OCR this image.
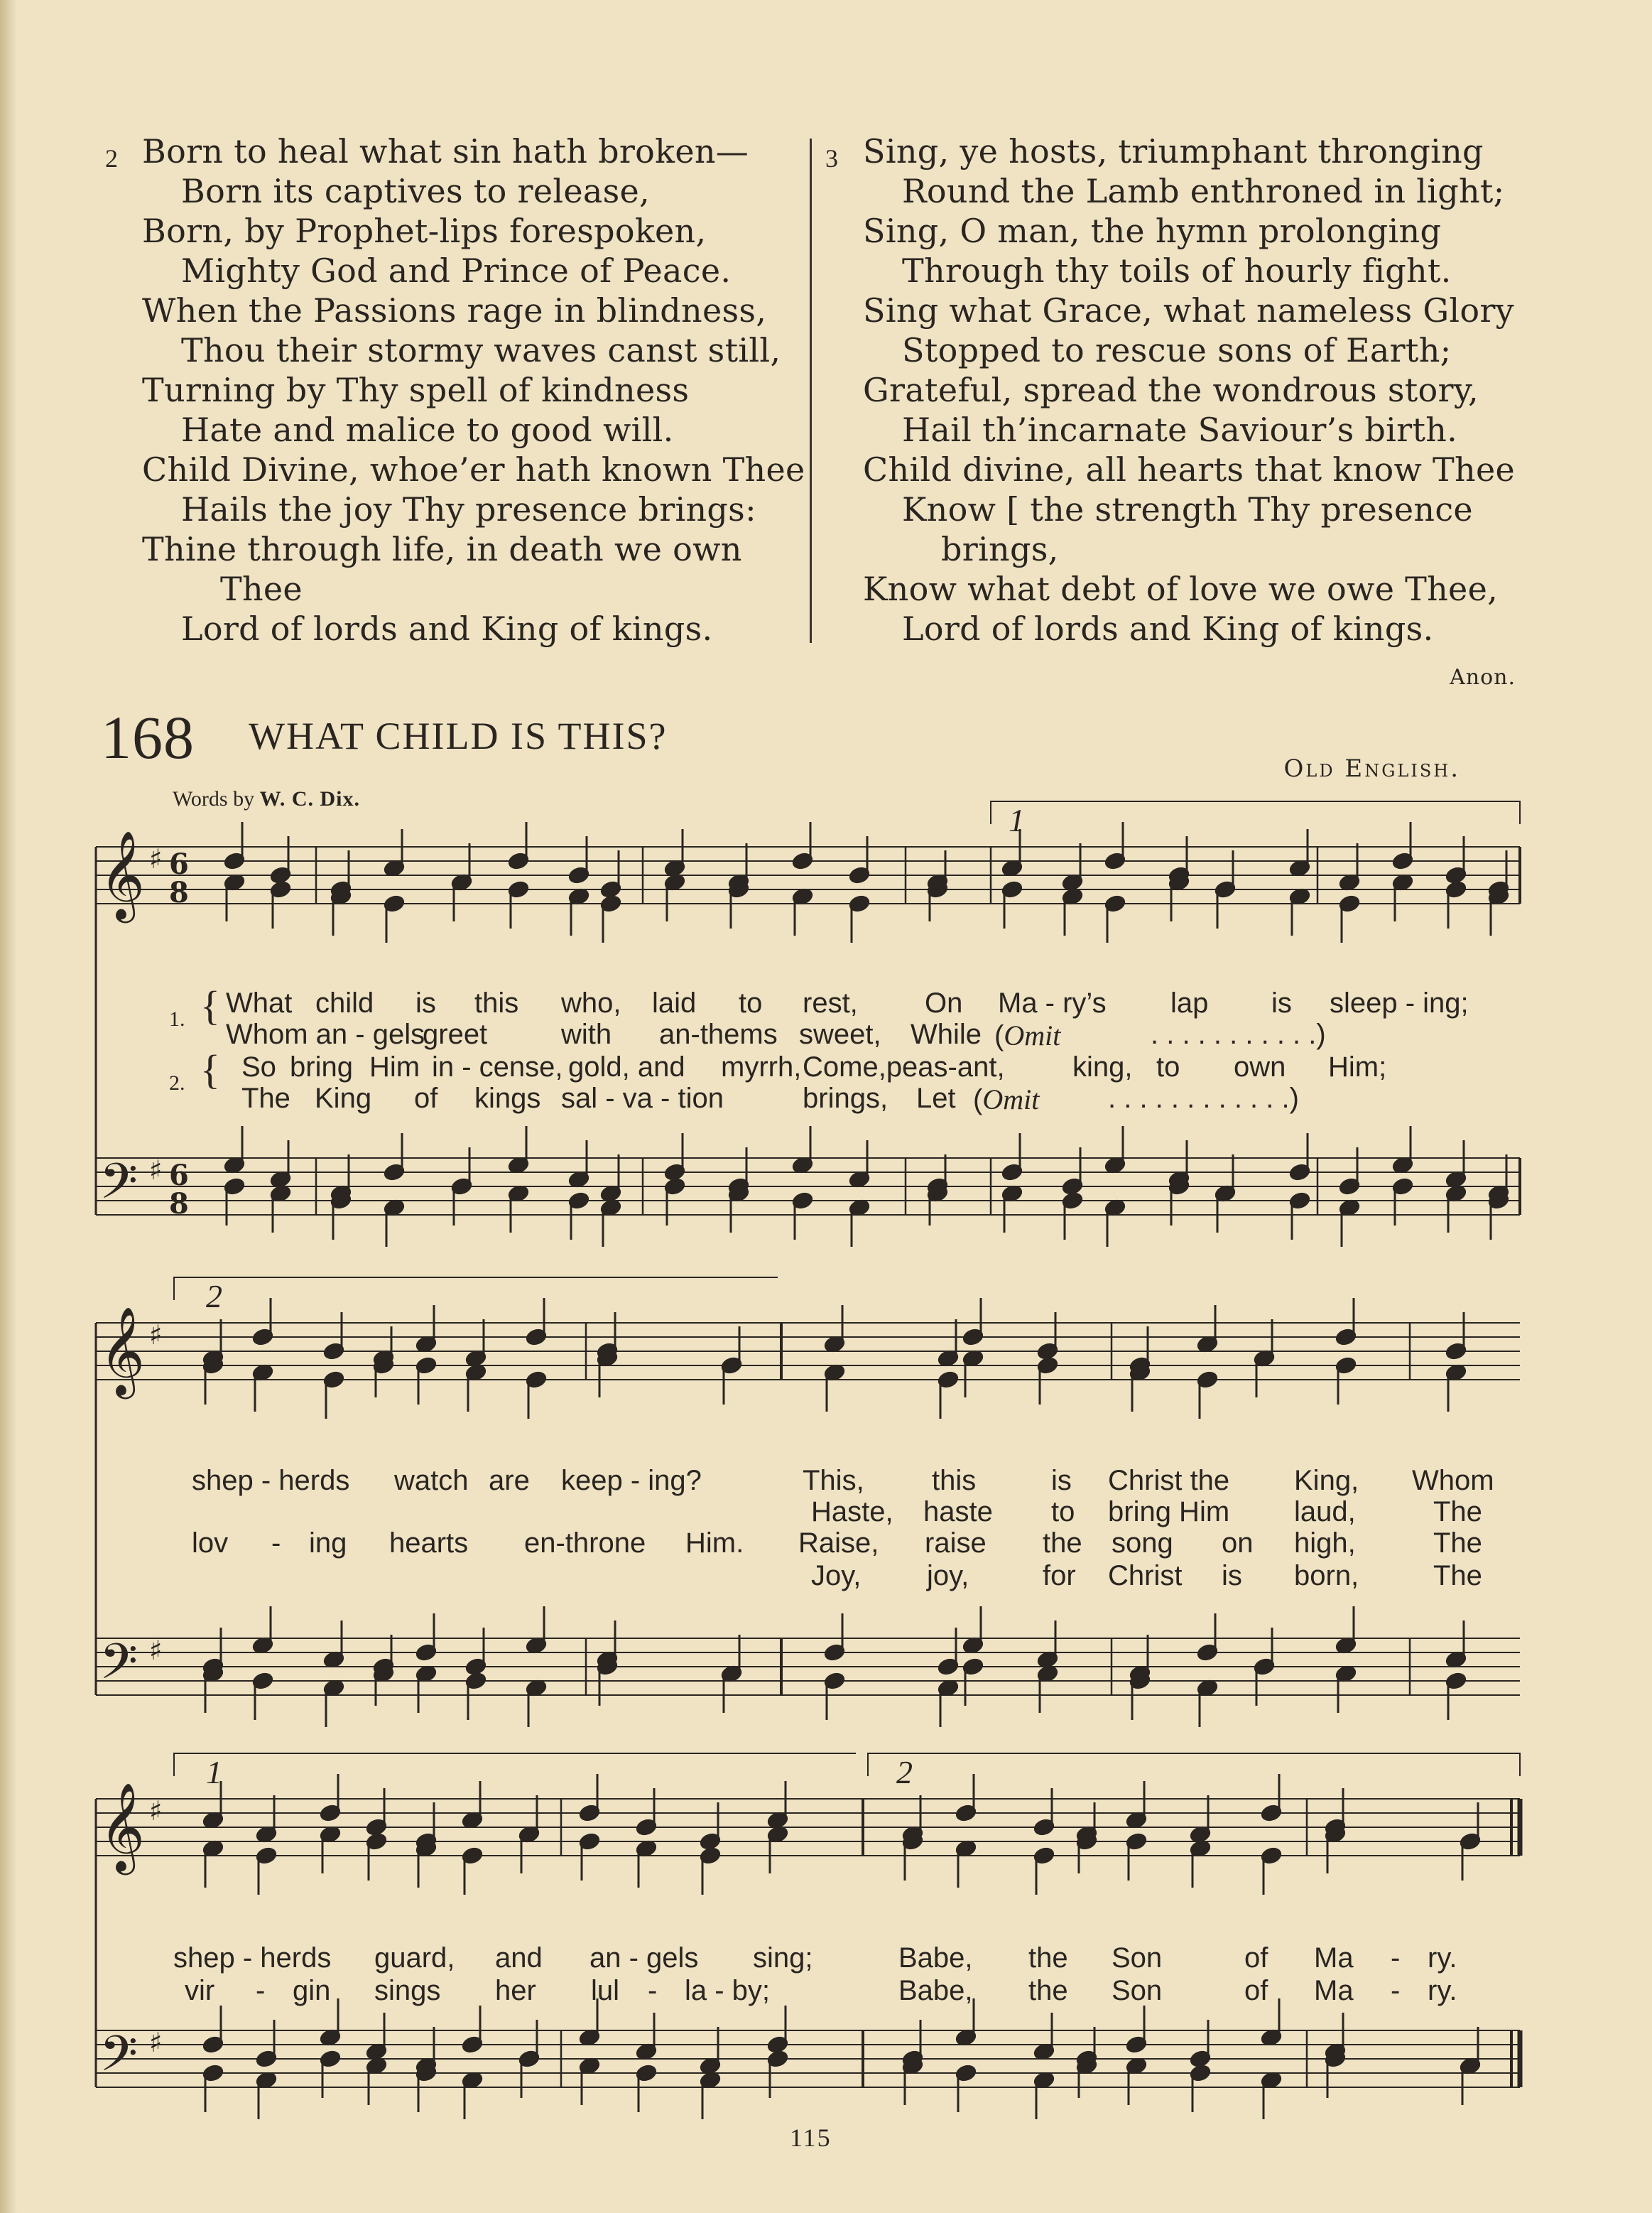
2 Born to heal what sin hath broken—
Born its captives to release,
Born, by Prophet-lips forespoken,
Mighty God and Prince of Peace.
When the Passions rage in blindness,
Thou their stormy waves canst still,
Turning by Thy spell of kindness
Hate and malice to good will.
Child Divine, whoe’er hath known Thee
Hails the joy Thy presence brings:
Thine through life, in death we own
Thee
Lord of lords and King of kings.
3 Sing, ye hosts, triumphant thronging
Round the Lamb enthroned in light;
Sing, O man, the hymn prolonging
Through thy toils of hourly fight.
Sing what Grace, what nameless Glory
Stopped to rescue sons of Earth;
Grateful, spread the wondrous story,
Hail th’incarnate Saviour’s birth.
Child divine, all hearts that know Thee
Know [ the strength Thy presence
brings,
Know what debt of love we owe Thee,
Lord of lords and King of kings.
Anon.
168 WHAT CHILD IS THIS?
Old English.
Words by W. C. Dix.
𝄞
𝄢
♯
♯
6
8
6
8
𝄞
𝄢
♯
♯
𝄞
𝄢
♯
♯
1
2
1	2
1. {
2. {
What child is this who, laid to rest, On Ma - ry’s lap is sleep - ing;
Whom an - gels
greet	with an-thems sweet, While (Omit	. . . . . . . . . . .)
So bring Him in - cense, gold, and myrrh, Come,peas-ant, king, to own Him;
The King of kings sal - va - tion	brings, Let (Omit . . . . . . . . . . . .)
shep - herds watch are keep - ing?
lov - ing hearts en-throne Him.
This, this	is Christ the King, Whom
Haste, haste to bring Him laud,	The
Raise, raise the song on high,	The
Joy, joy,	for Christ is born,	The
shep - herds guard, and an - gels sing;	Babe, the Son	of Ma - ry.
vir - gin sings her lul - la - by;	Babe, the Son	of Ma - ry.
115
